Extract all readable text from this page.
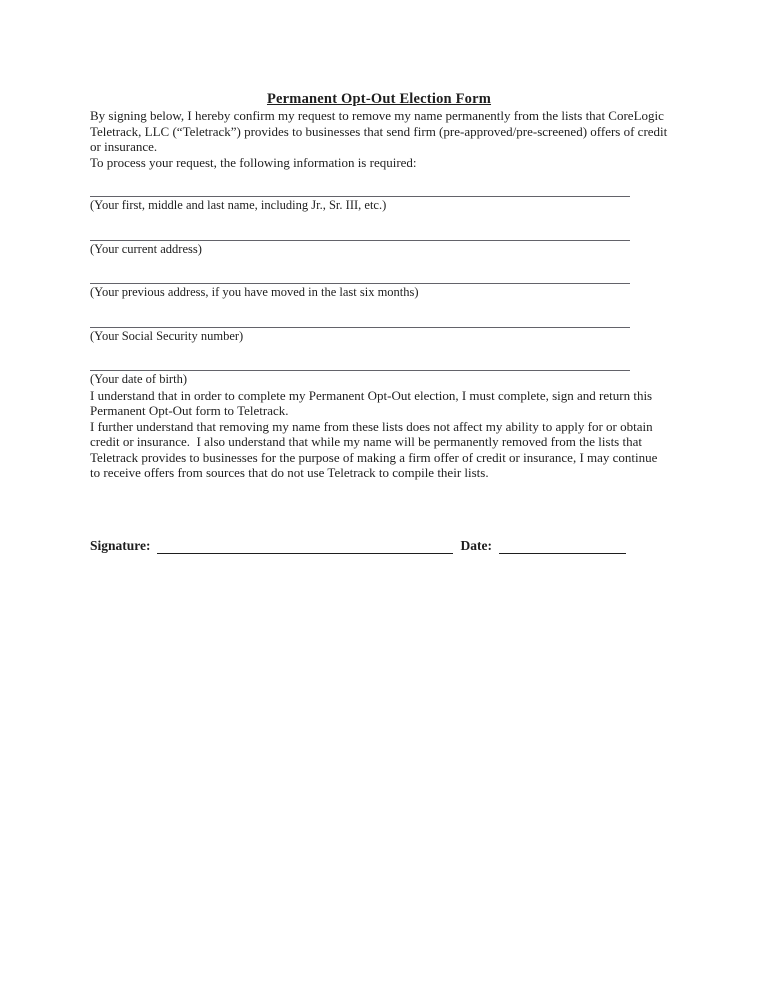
Permanent Opt-Out Election Form

By signing below, I hereby confirm my request to remove my name permanently from the lists that CoreLogic Teletrack, LLC (“Teletrack”) provides to businesses that send firm (pre-approved/pre-screened) offers of credit or insurance.

To process your request, the following information is required:

(Your first, middle and last name, including Jr., Sr. III, etc.)

(Your current address)

(Your previous address, if you have moved in the last six months)

(Your Social Security number)

(Your date of birth)

I understand that in order to complete my Permanent Opt-Out election, I must complete, sign and return this Permanent Opt-Out form to Teletrack.

I further understand that removing my name from these lists does not affect my ability to apply for or obtain credit or insurance.  I also understand that while my name will be permanently removed from the lists that Teletrack provides to businesses for the purpose of making a firm offer of credit or insurance, I may continue to receive offers from sources that do not use Teletrack to compile their lists.

Signature:	Date:
